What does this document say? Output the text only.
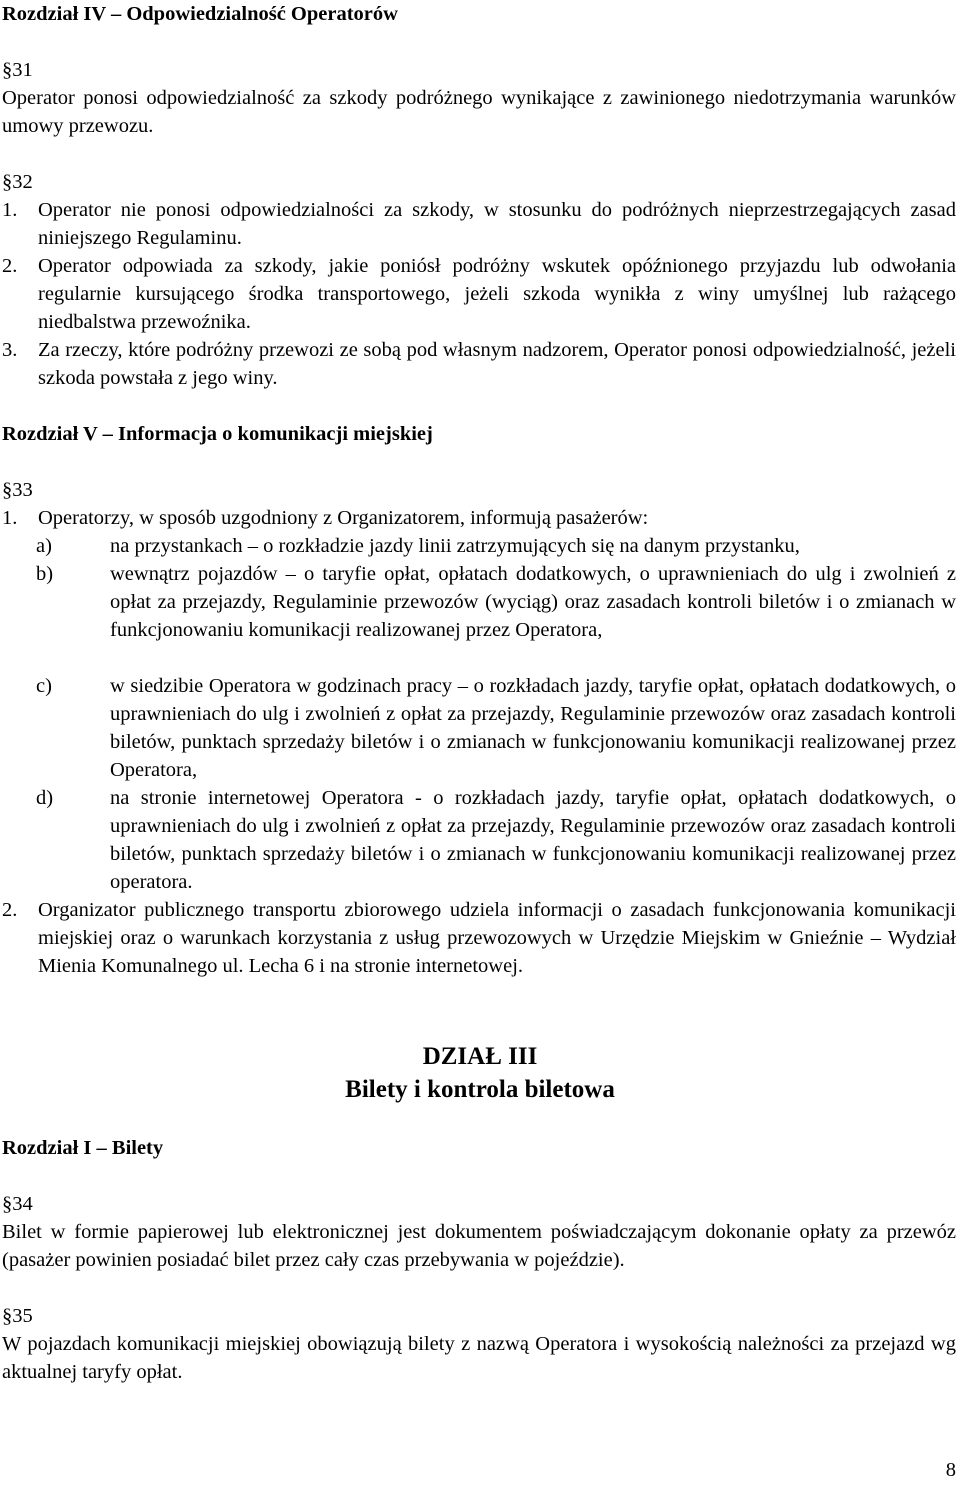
Rozdział IV – Odpowiedzialność Operatorów
§31
Operator ponosi odpowiedzialność za szkody podróżnego wynikające z zawinionego niedotrzymania warunków umowy przewozu.
§32
1. Operator nie ponosi odpowiedzialności za szkody, w stosunku do podróżnych nieprzestrzegających zasad niniejszego Regulaminu.
2. Operator odpowiada za szkody, jakie poniósł podróżny wskutek opóźnionego przyjazdu lub odwołania regularnie kursującego środka transportowego, jeżeli szkoda wynikła z winy umyślnej lub rażącego niedbalstwa przewoźnika.
3. Za rzeczy, które podróżny przewozi ze sobą pod własnym nadzorem, Operator ponosi odpowiedzialność, jeżeli szkoda powstała z jego winy.
Rozdział V – Informacja o komunikacji miejskiej
§33
1. Operatorzy, w sposób uzgodniony z Organizatorem, informują pasażerów:
a)	na przystankach – o rozkładzie jazdy linii zatrzymujących się na danym przystanku,
b)	wewnątrz pojazdów – o taryfie opłat, opłatach dodatkowych, o uprawnieniach do ulg i zwolnień z opłat za przejazdy, Regulaminie przewozów (wyciąg) oraz zasadach kontroli biletów i o zmianach w funkcjonowaniu komunikacji realizowanej przez Operatora,
c)	w siedzibie Operatora w godzinach pracy – o rozkładach jazdy, taryfie opłat, opłatach dodatkowych, o uprawnieniach do ulg i zwolnień z opłat za przejazdy, Regulaminie przewozów oraz zasadach kontroli biletów, punktach sprzedaży biletów i o zmianach w funkcjonowaniu komunikacji realizowanej przez Operatora,
d)	na stronie internetowej Operatora - o rozkładach jazdy, taryfie opłat, opłatach dodatkowych, o uprawnieniach do ulg i zwolnień z opłat za przejazdy, Regulaminie przewozów oraz zasadach kontroli biletów, punktach sprzedaży biletów i o zmianach w funkcjonowaniu komunikacji realizowanej przez operatora.
2. Organizator publicznego transportu zbiorowego udziela informacji o zasadach funkcjonowania komunikacji miejskiej oraz o warunkach korzystania z usług przewozowych w Urzędzie Miejskim w Gnieźnie – Wydział Mienia Komunalnego ul. Lecha 6 i na stronie internetowej.
DZIAŁ III
Bilety i kontrola biletowa
Rozdział I – Bilety
§34
Bilet w formie papierowej lub elektronicznej jest dokumentem poświadczającym dokonanie opłaty za przewóz (pasażer powinien posiadać bilet przez cały czas przebywania w pojeździe).
§35
W pojazdach komunikacji miejskiej obowiązują bilety z nazwą Operatora i wysokością należności za przejazd wg aktualnej taryfy opłat.
8
